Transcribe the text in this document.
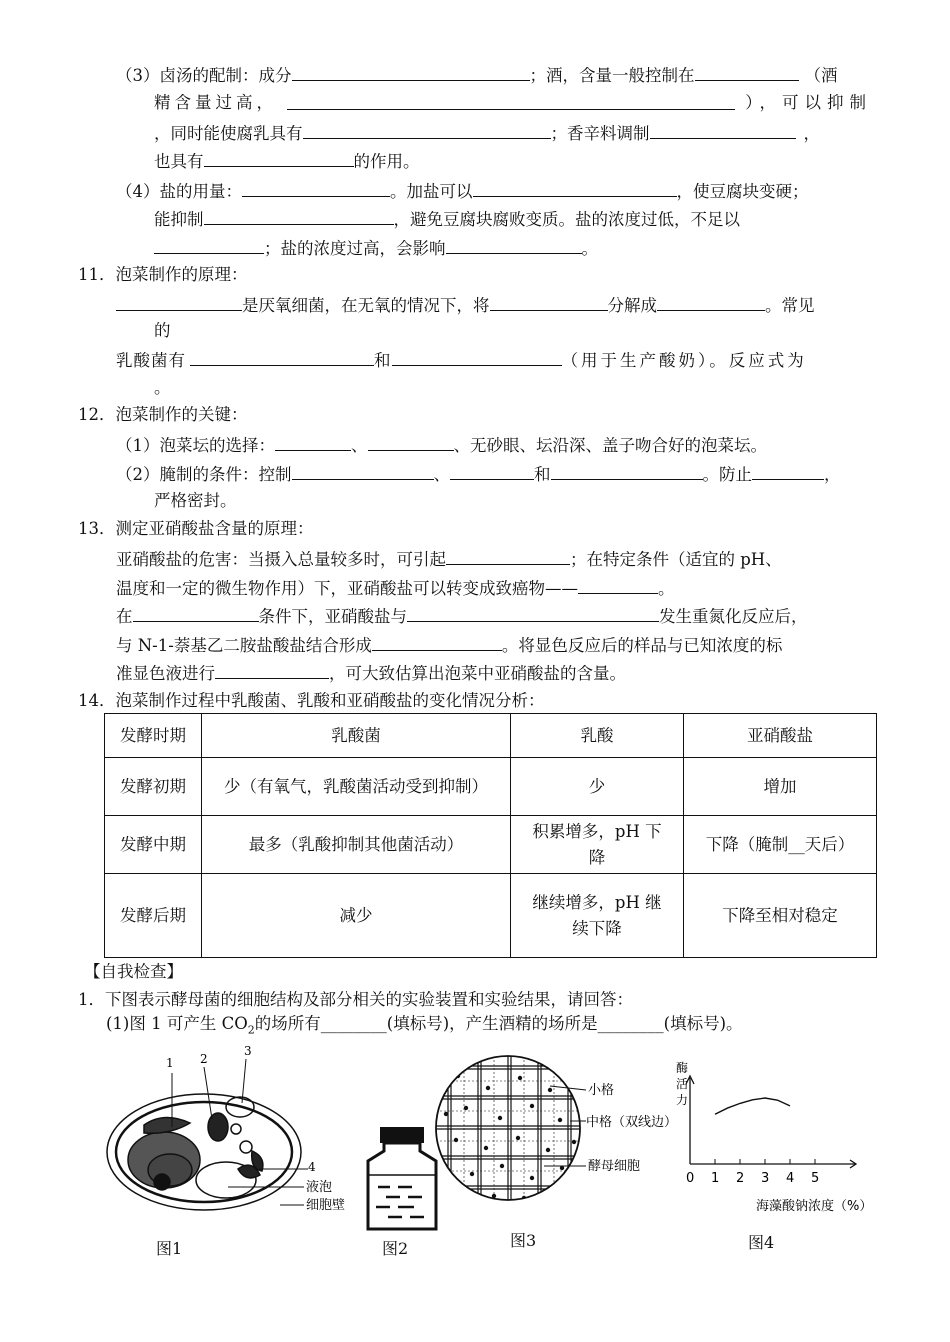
（3）卤汤的配制：成分	；酒，含量一般控制在	（酒
精含量过高，	），可以抑制
，同时能使腐乳具有	；香辛料调制	，
也具有	的作用。
（4）盐的用量：	。加盐可以	，使豆腐块变硬；
能抑制	，避免豆腐块腐败变质。盐的浓度过低，不足以
；盐的浓度过高，会影响	。
11．泡菜制作的原理：
是厌氧细菌，在无氧的情况下，将	分解成	。常见
的
乳酸菌有	和	（用于生产酸奶）。反应式为
。
12．泡菜制作的关键：
（1）泡菜坛的选择：	、	、无砂眼、坛沿深、盖子吻合好的泡菜坛。
（2）腌制的条件：控制	、	和	。防止	，
严格密封。
13．测定亚硝酸盐含量的原理：
亚硝酸盐的危害：当摄入总量较多时，可引起	；在特定条件（适宜的 pH、
温度和一定的微生物作用）下，亚硝酸盐可以转变成致癌物——	。
在	条件下，亚硝酸盐与	发生重氮化反应后，
与 N-1-萘基乙二胺盐酸盐结合形成	。将显色反应后的样品与已知浓度的标
准显色液进行	，可大致估算出泡菜中亚硝酸盐的含量。
14．泡菜制作过程中乳酸菌、乳酸和亚硝酸盐的变化情况分析：
发酵时期	乳酸菌	乳酸	亚硝酸盐
发酵初期	少（有氧气，乳酸菌活动受到抑制）	少	增加
发酵中期	最多（乳酸抑制其他菌活动）	积累增多，pH 下降	下降（腌制__天后）
发酵后期	减少	继续增多，pH 继续下降	下降至相对稳定
【自我检查】
1．下图表示酵母菌的细胞结构及部分相关的实验装置和实验结果，请回答：
(1)图 1 可产生 $CO_2$的场所有________(填标号)，产生酒精的场所是________(填标号)。
1 2
3
4
液泡
细胞壁
图1	图2
小格
中格（双线边）
酵母细胞
图3
0 1 2 3 4 5
酶
活
力
海藻酸钠浓度（%）
图4
